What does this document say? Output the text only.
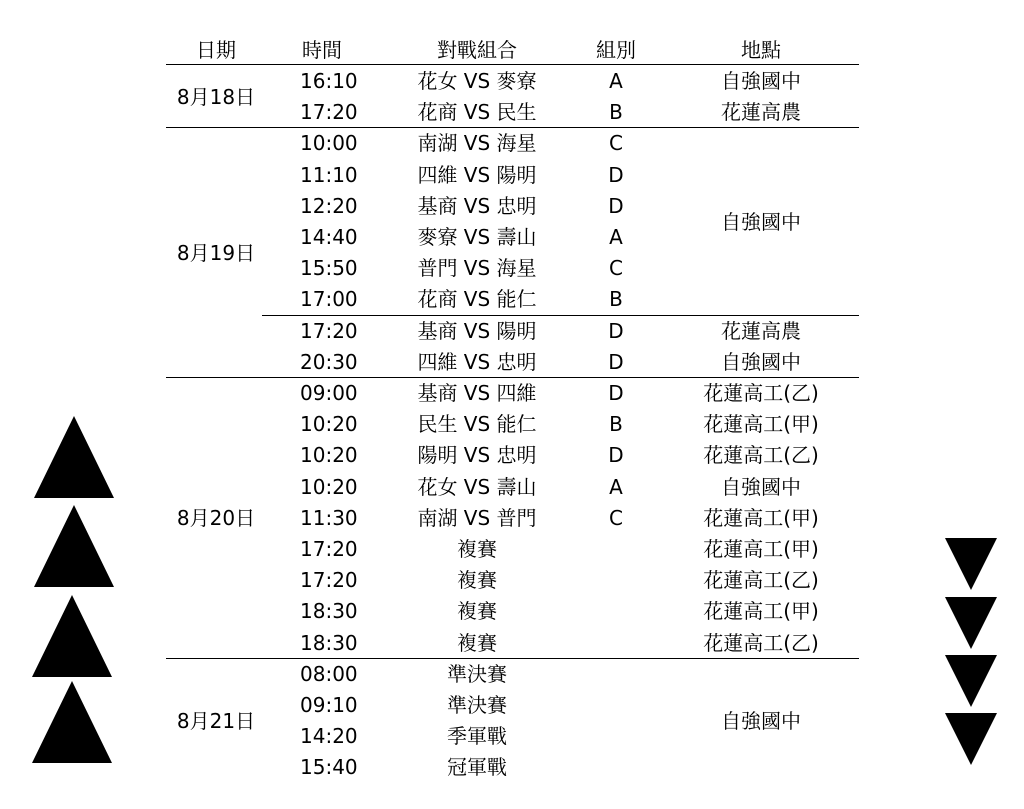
日期	時間	對戰組合	組別	地點
8月18日
16:10	花女 VS 麥寮	A	自強國中
17:20	花商 VS 民生	B	花蓮高農
8月19日
自強國中
10:00	南湖 VS 海星	C
11:10	四維 VS 陽明	D
12:20	基商 VS 忠明	D
14:40	麥寮 VS 壽山	A
15:50	普門 VS 海星	C
17:00	花商 VS 能仁	B
17:20	基商 VS 陽明	D	花蓮高農
20:30	四維 VS 忠明	D	自強國中
8月20日
09:00	基商 VS 四維	D	花蓮高工(乙)
10:20	民生 VS 能仁	B	花蓮高工(甲)
10:20	陽明 VS 忠明	D	花蓮高工(乙)
10:20	花女 VS 壽山	A	自強國中
11:30	南湖 VS 普門	C	花蓮高工(甲)
17:20	複賽	花蓮高工(甲)
17:20	複賽	花蓮高工(乙)
18:30	複賽	花蓮高工(甲)
18:30	複賽	花蓮高工(乙)
8月21日	自強國中
08:00	準決賽
09:10	準決賽
14:20	季軍戰
15:40	冠軍戰
